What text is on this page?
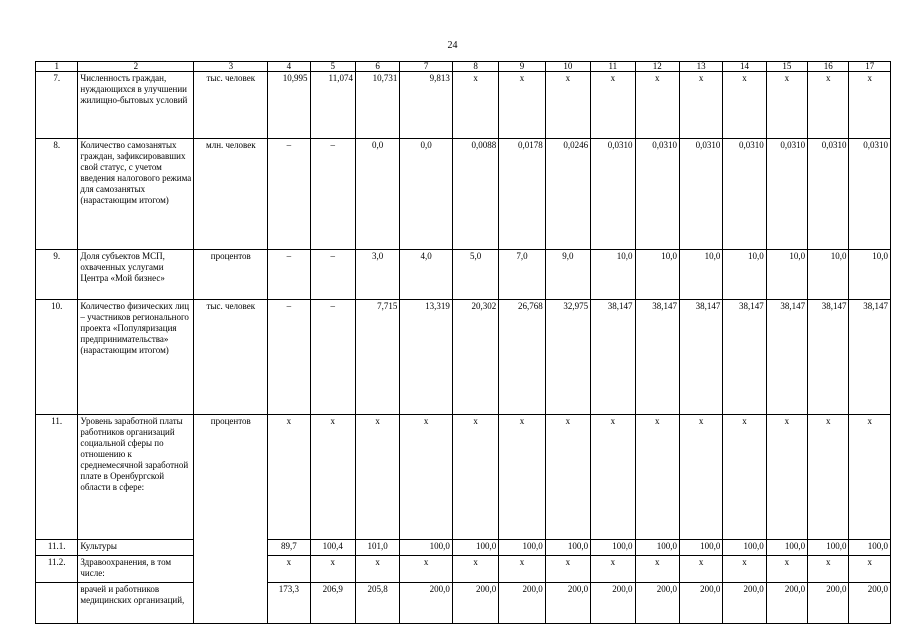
24
1	2	3	4	5	6	7	8	9	10	11	12	13	14	15	16	17
7.	Численность граждан, нуждающихся в улучшении жилищно-бытовых условий	тыс. человек	10,995	11,074	10,731	9,813	х	х	х	х	х	х	х	х	х	х
8.	Количество самозанятых граждан, зафиксировавших свой статус, с учетом введения налогового режима для самозанятых (нарастающим итогом)	млн. человек	–	–	0,0	0,0	0,0088	0,0178	0,0246	0,0310	0,0310	0,0310	0,0310	0,0310	0,0310	0,0310
9.	Доля субъектов МСП, охваченных услугами Центра «Мой бизнес»	процентов	–	–	3,0	4,0	5,0	7,0	9,0	10,0	10,0	10,0	10,0	10,0	10,0	10,0
10.	Количество физических лиц – участников регионального проекта «Популяризация предпринимательства» (нарастающим итогом)	тыс. человек	–	–	7,715	13,319	20,302	26,768	32,975	38,147	38,147	38,147	38,147	38,147	38,147	38,147
11.	Уровень заработной платы работников организаций социальной сферы по отношению к среднемесячной заработной плате в Оренбургской области в сфере:	процентов	х	х	х	х	х	х	х	х	х	х	х	х	х	х
11.1.	Культуры		89,7	100,4	101,0	100,0	100,0	100,0	100,0	100,0	100,0	100,0	100,0	100,0	100,0	100,0
11.2.	Здравоохранения, в том числе:		х	х	х	х	х	х	х	х	х	х	х	х	х	х
	врачей и работников медицинских организаций,		173,3	206,9	205,8	200,0	200,0	200,0	200,0	200,0	200,0	200,0	200,0	200,0	200,0	200,0
